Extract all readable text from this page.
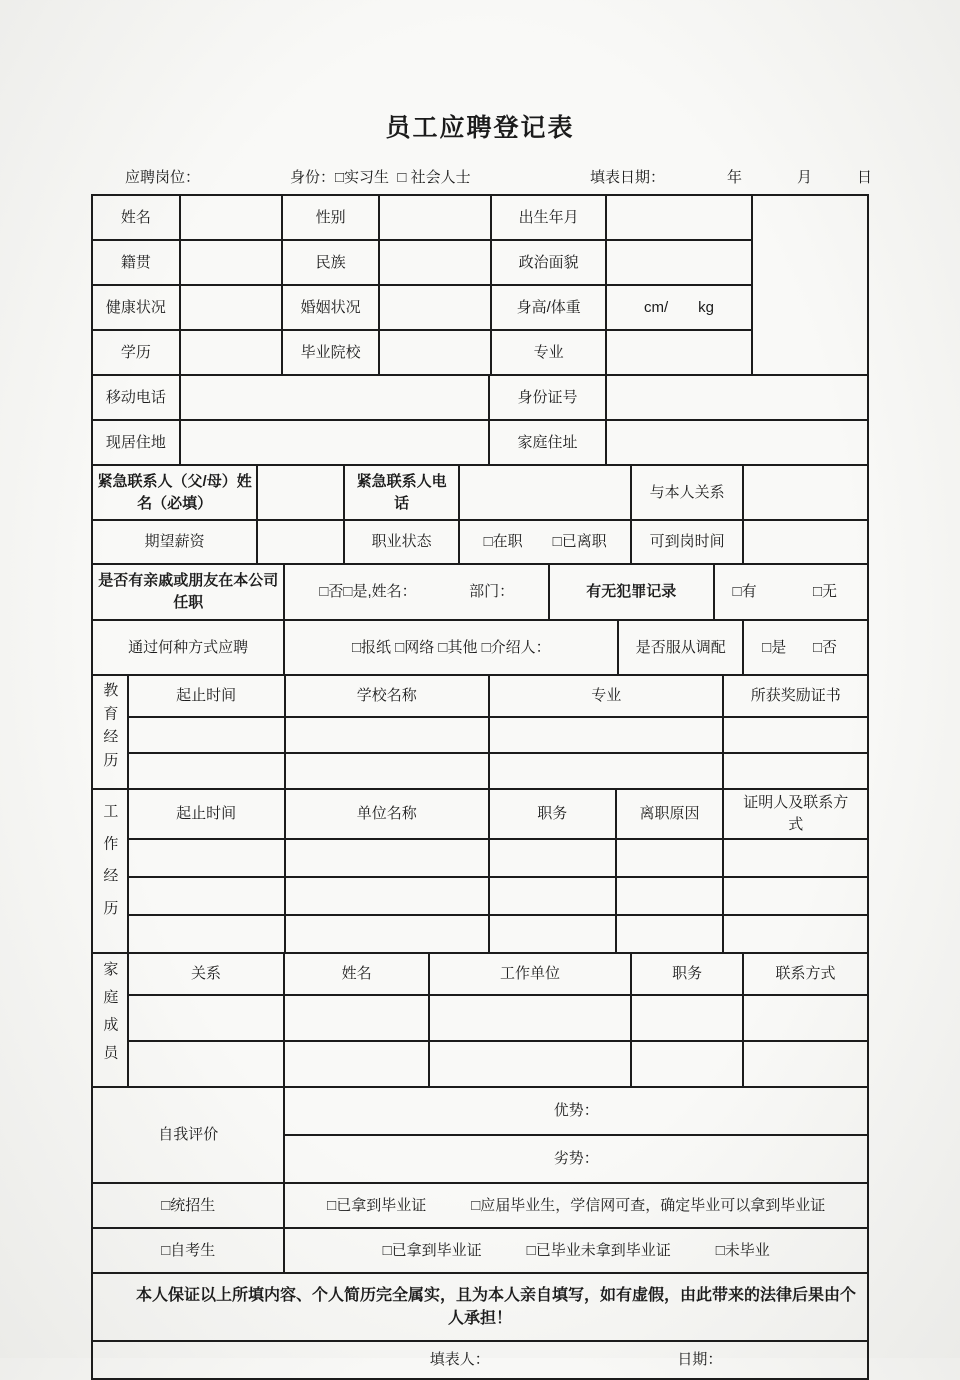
员工应聘登记表
应聘岗位：	身份：□实习生  □ 社会人士	填表日期：	年	月	日
姓名		性别		出生年月		
籍贯		民族		政治面貌		
健康状况		婚姻状况		身高/体重	cm/　　kg	
学历		毕业院校		专业		
移动电话		身份证号	
现居住地		家庭住址	
紧急联系人（父/母）姓名（必填）		紧急联系人电话		与本人关系	
期望薪资		职业状态	□在职　　□已离职	可到岗时间	
是否有亲戚或朋友在本公司任职	□否□是,姓名：　　　　部门：	有无犯罪记录	□有	□无
通过何种方式应聘	□报纸 □网络 □其他 □介绍人：	是否服从调配	□是 □否
教育经历	起止时间	学校名称	专业	所获奖励证书

工作经历	起止时间	单位名称	职务	离职原因	证明人及联系方式

家庭成员	关系	姓名	工作单位	职务	联系方式

自我评价	优势：
劣势：
□统招生	□已拿到毕业证　　　□应届毕业生，学信网可查，确定毕业可以拿到毕业证
□自考生	□已拿到毕业证　　　□已毕业未拿到毕业证　　　□未毕业
本人保证以上所填内容、个人简历完全属实，且为本人亲自填写，如有虚假，由此带来的法律后果由个人承担！
填表人：	日期：
